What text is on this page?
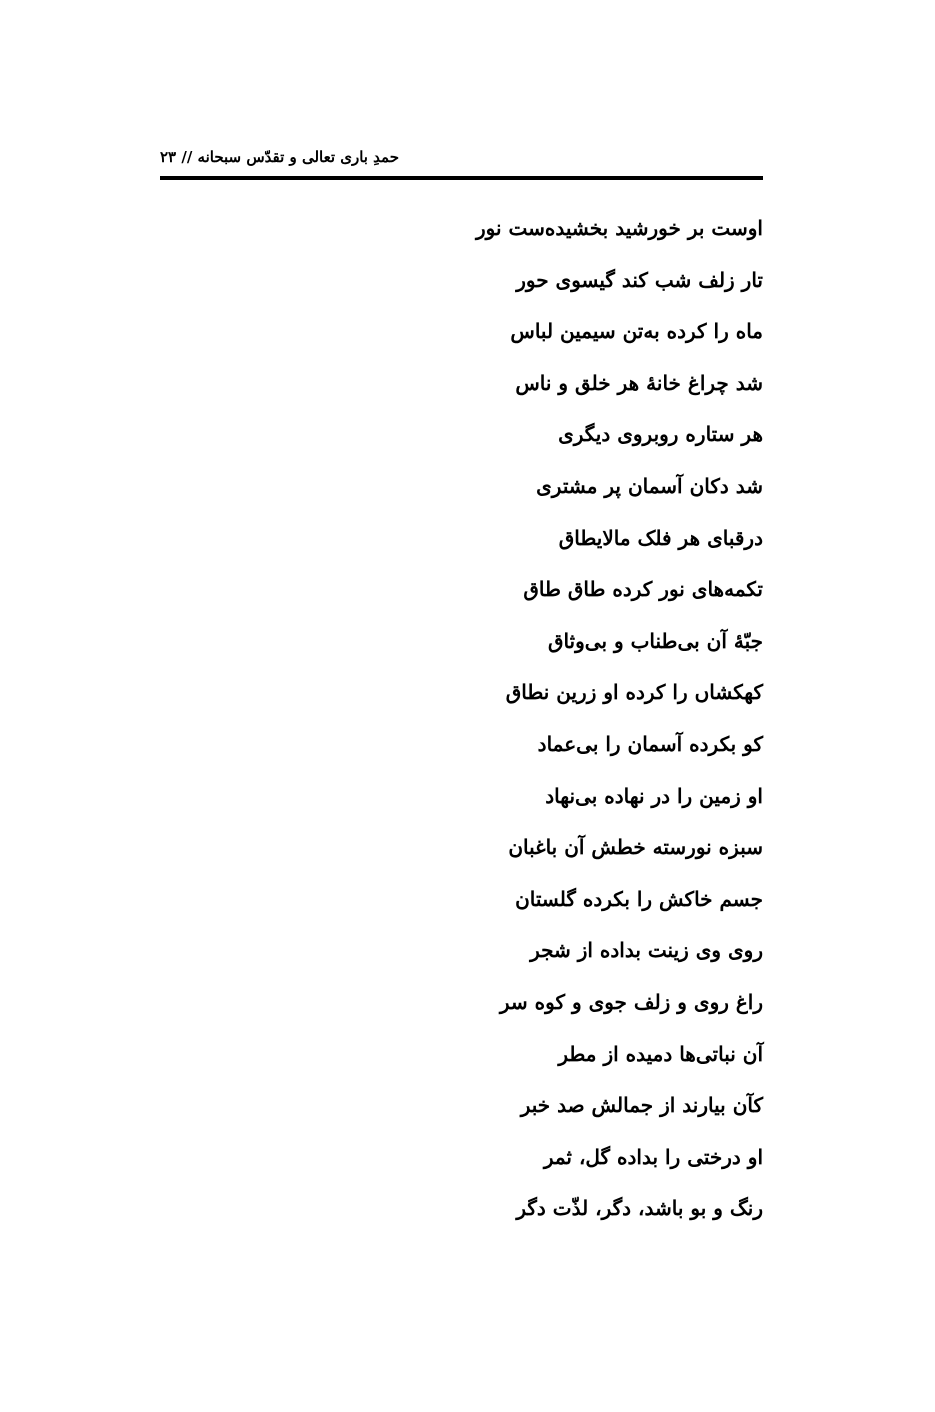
حمدِ باری تعالی و تقدّس سبحانه // ۲۳
اوست بر خورشید بخشیده‌ست نور
تار زلف شب کند گیسوی حور
ماه را کرده به‌تن سیمین لباس
شد چراغ خانهٔ هر خلق و ناس
هر ستاره روبروی دیگری
شد دکان آسمان پر مشتری
درقبای هر فلک مالایطاق
تکمه‌های نور کرده طاق طاق
جبّهٔ آن بی‌طناب و بی‌وثاق
کهکشاں را کرده او زرین نطاق
کو بکرده آسمان را بی‌عماد
او زمین را در نهاده بی‌نهاد
سبزه نورسته خطش آن باغبان
جسم خاکش را بکرده گلستان
روی وی زینت بداده از شجر
راغ روی و زلف جوی و کوه سر
آن نباتی‌ها دمیده از مطر
کآن بیارند از جمالش صد خبر
او درختی را بداده گل، ثمر
رنگ و بو باشد، دگر، لذّت دگر
